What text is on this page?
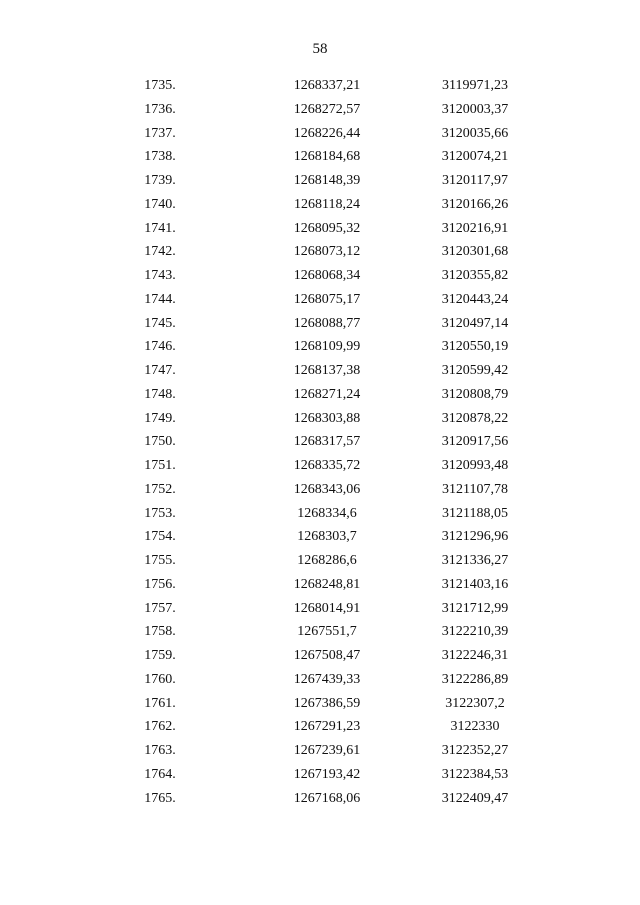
58
1735.	1268337,21	3119971,23
1736.	1268272,57	3120003,37
1737.	1268226,44	3120035,66
1738.	1268184,68	3120074,21
1739.	1268148,39	3120117,97
1740.	1268118,24	3120166,26
1741.	1268095,32	3120216,91
1742.	1268073,12	3120301,68
1743.	1268068,34	3120355,82
1744.	1268075,17	3120443,24
1745.	1268088,77	3120497,14
1746.	1268109,99	3120550,19
1747.	1268137,38	3120599,42
1748.	1268271,24	3120808,79
1749.	1268303,88	3120878,22
1750.	1268317,57	3120917,56
1751.	1268335,72	3120993,48
1752.	1268343,06	3121107,78
1753.	1268334,6	3121188,05
1754.	1268303,7	3121296,96
1755.	1268286,6	3121336,27
1756.	1268248,81	3121403,16
1757.	1268014,91	3121712,99
1758.	1267551,7	3122210,39
1759.	1267508,47	3122246,31
1760.	1267439,33	3122286,89
1761.	1267386,59	3122307,2
1762.	1267291,23	3122330
1763.	1267239,61	3122352,27
1764.	1267193,42	3122384,53
1765.	1267168,06	3122409,47
